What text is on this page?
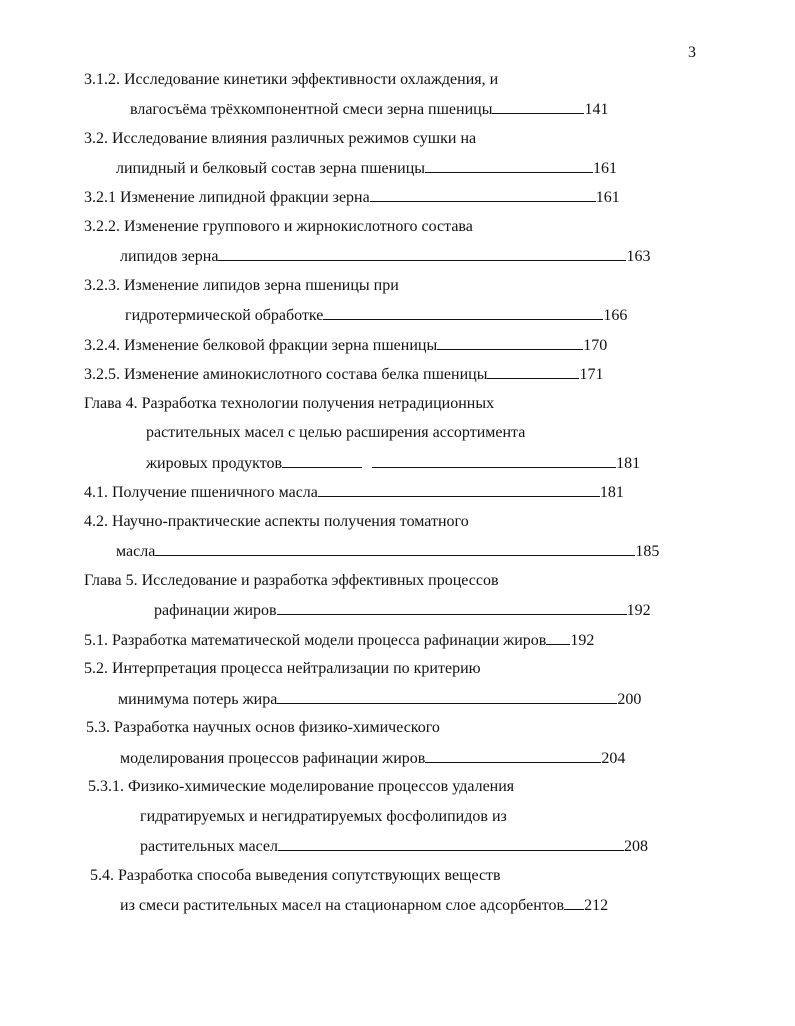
3
3.1.2. Исследование кинетики эффективности охлаждения, и
влагосъёма трёхкомпонентной смеси зерна пшеницы	141
3.2. Исследование влияния различных режимов сушки на
липидный и белковый состав зерна пшеницы	161
3.2.1 Изменение липидной фракции зерна	161
3.2.2. Изменение группового и жирнокислотного состава
липидов зерна	163
3.2.3. Изменение липидов зерна пшеницы при
гидротермической обработке	166
3.2.4. Изменение белковой фракции зерна пшеницы	170
3.2.5. Изменение аминокислотного состава белка пшеницы	171
Глава 4. Разработка технологии получения нетрадиционных
растительных масел с целью расширения ассортимента
жировых продуктов	181
4.1. Получение пшеничного масла	181
4.2. Научно-практические аспекты получения томатного
масла	185
Глава 5. Исследование и разработка эффективных процессов
рафинации жиров	192
5.1. Разработка математической модели процесса рафинации жиров 192
5.2. Интерпретация процесса нейтрализации по критерию
минимума потерь жира	200
5.3. Разработка научных основ физико-химического
моделирования процессов рафинации жиров	204
5.3.1. Физико-химические моделирование процессов удаления
гидратируемых и негидратируемых фосфолипидов из
растительных масел	208
5.4. Разработка способа выведения сопутствующих веществ
из смеси растительных масел на стационарном слое адсорбентов 212
